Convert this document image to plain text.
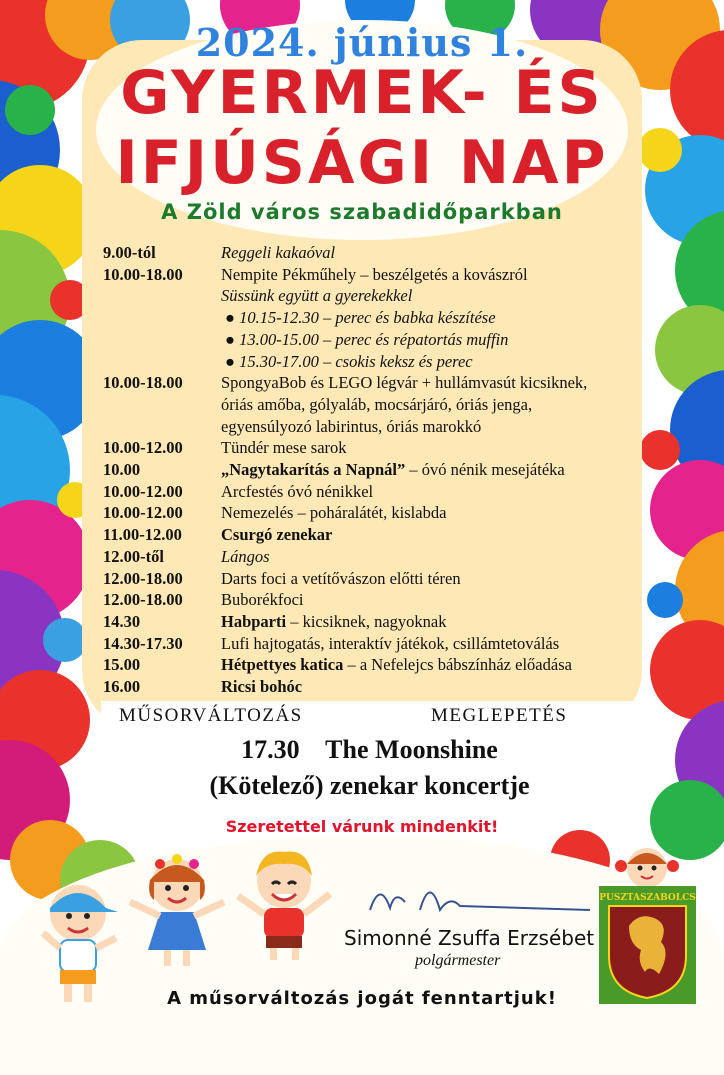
2024. június 1.
GYERMEK- ÉS
IFJÚSÁGI NAP
A Zöld város szabadidőparkban
9.00-tól	Reggeli kakaóval
10.00-18.00	Nempite Pékműhely – beszélgetés a kovászról
Süssünk együtt a gyerekekkel
● 10.15-12.30 – perec és babka készítése
● 13.00-15.00 – perec és répatortás muffin
● 15.30-17.00 – csokis keksz és perec
10.00-18.00	SpongyaBob és LEGO légvár + hullámvasút kicsiknek,
óriás amőba, gólyaláb, mocsárjáró, óriás jenga,
egyensúlyozó labirintus, óriás marokkó
10.00-12.00	Tündér mese sarok
10.00	„Nagytakarítás a Napnál” – óvó nénik mesejátéka
10.00-12.00	Arcfestés óvó nénikkel
10.00-12.00	Nemezelés – poháralátét, kislabda
11.00-12.00	Csurgó zenekar
12.00-től	Lángos
12.00-18.00	Darts foci a vetítővászon előtti téren
12.00-18.00	Buborékfoci
14.30	Habparti – kicsiknek, nagyoknak
14.30-17.30	Lufi hajtogatás, interaktív játékok, csillámtetoválás
15.00	Hétpettyes katica – a Nefelejcs bábszínház előadása
16.00	Ricsi bohóc
MŰSORVÁLTOZÁS	MEGLEPETÉS
17.30    The Moonshine
(Kötelező) zenekar koncertje
Szeretettel várunk mindenkit!
Simonné Zsuffa Erzsébet
polgármester
PUSZTASZABOLCS
A műsorváltozás jogát fenntartjuk!
